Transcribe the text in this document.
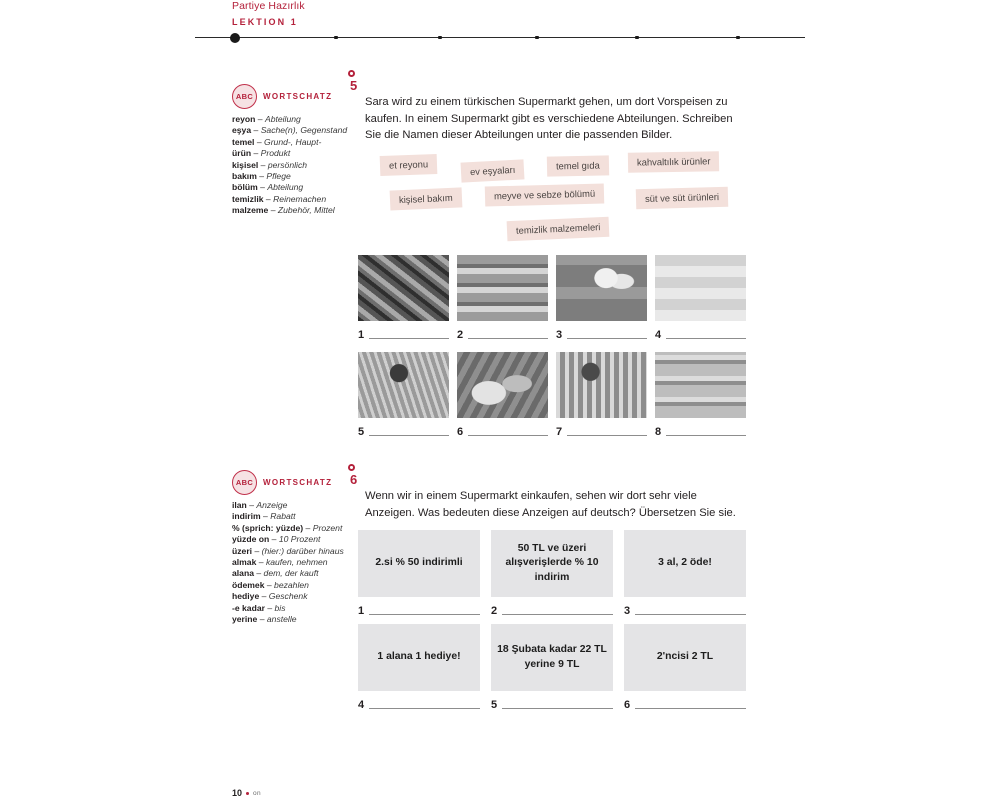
Partiye Hazırlık
LEKTION 1
ABC	WORTSCHATZ
reyon – Abteilung
eşya – Sache(n), Gegenstand
temel – Grund-, Haupt-
ürün – Produkt
kişisel – persönlich
bakım – Pflege
bölüm – Abteilung
temizlik – Reinemachen
malzeme – Zubehör, Mittel
5
Sara wird zu einem türkischen Supermarkt gehen, um dort Vorspeisen zu kaufen. In einem Supermarkt gibt es verschiedene Abteilungen. Schreiben Sie die Namen dieser Abteilungen unter die passenden Bilder.
et reyonu	ev eşyaları	temel gıda	kahvaltılık ürünler
kişisel bakım	meyve ve sebze bölümü	süt ve süt ürünleri
temizlik malzemeleri
1	2	3	4
5	6	7	8
ABC	WORTSCHATZ
ilan – Anzeige
indirim – Rabatt
% (sprich: yüzde) – Prozent
yüzde on – 10 Prozent
üzeri – (hier:) darüber hinaus
almak – kaufen, nehmen
alana – dem, der kauft
ödemek – bezahlen
hediye – Geschenk
-e kadar – bis
yerine – anstelle
6
Wenn wir in einem Supermarkt einkaufen, sehen wir dort sehr viele Anzeigen. Was bedeuten diese Anzeigen auf deutsch? Übersetzen Sie sie.
2.si % 50 indirimli
1
50 TL ve üzeri alışverişlerde % 10 indirim
2
3 al, 2 öde!
3
1 alana 1 hediye!
4
18 Şubata kadar 22 TL yerine 9 TL
5
2'ncisi 2 TL
6
10 on
